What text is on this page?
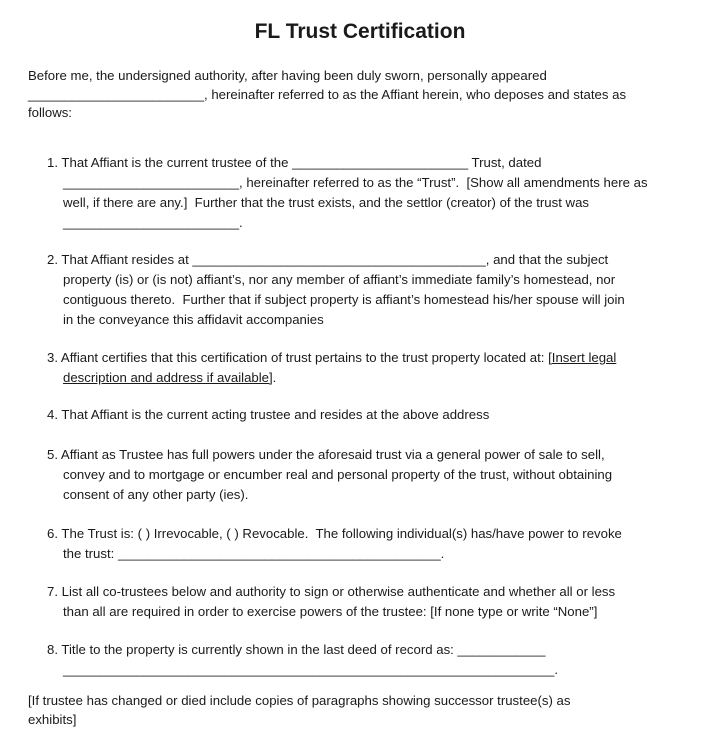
FL Trust Certification
Before me, the undersigned authority, after having been duly sworn, personally appeared
________________________, hereinafter referred to as the Affiant herein, who deposes and states as
follows:
1. That Affiant is the current trustee of the ________________________ Trust, dated
________________________, hereinafter referred to as the “Trust”.  [Show all amendments here as
well, if there are any.]  Further that the trust exists, and the settlor (creator) of the trust was
________________________.
2. That Affiant resides at ________________________________________, and that the subject
property (is) or (is not) affiant’s, nor any member of affiant’s immediate family’s homestead, nor
contiguous thereto.  Further that if subject property is affiant’s homestead his/her spouse will join
in the conveyance this affidavit accompanies
3. Affiant certifies that this certification of trust pertains to the trust property located at: [Insert legal
description and address if available].
4. That Affiant is the current acting trustee and resides at the above address
5. Affiant as Trustee has full powers under the aforesaid trust via a general power of sale to sell,
convey and to mortgage or encumber real and personal property of the trust, without obtaining
consent of any other party (ies).
6. The Trust is: ( ) Irrevocable, ( ) Revocable.  The following individual(s) has/have power to revoke
the trust: ____________________________________________.
7. List all co-trustees below and authority to sign or otherwise authenticate and whether all or less
than all are required in order to exercise powers of the trustee: [If none type or write “None”]
8. Title to the property is currently shown in the last deed of record as: ____________
___________________________________________________________________.
[If trustee has changed or died include copies of paragraphs showing successor trustee(s) as
exhibits]
